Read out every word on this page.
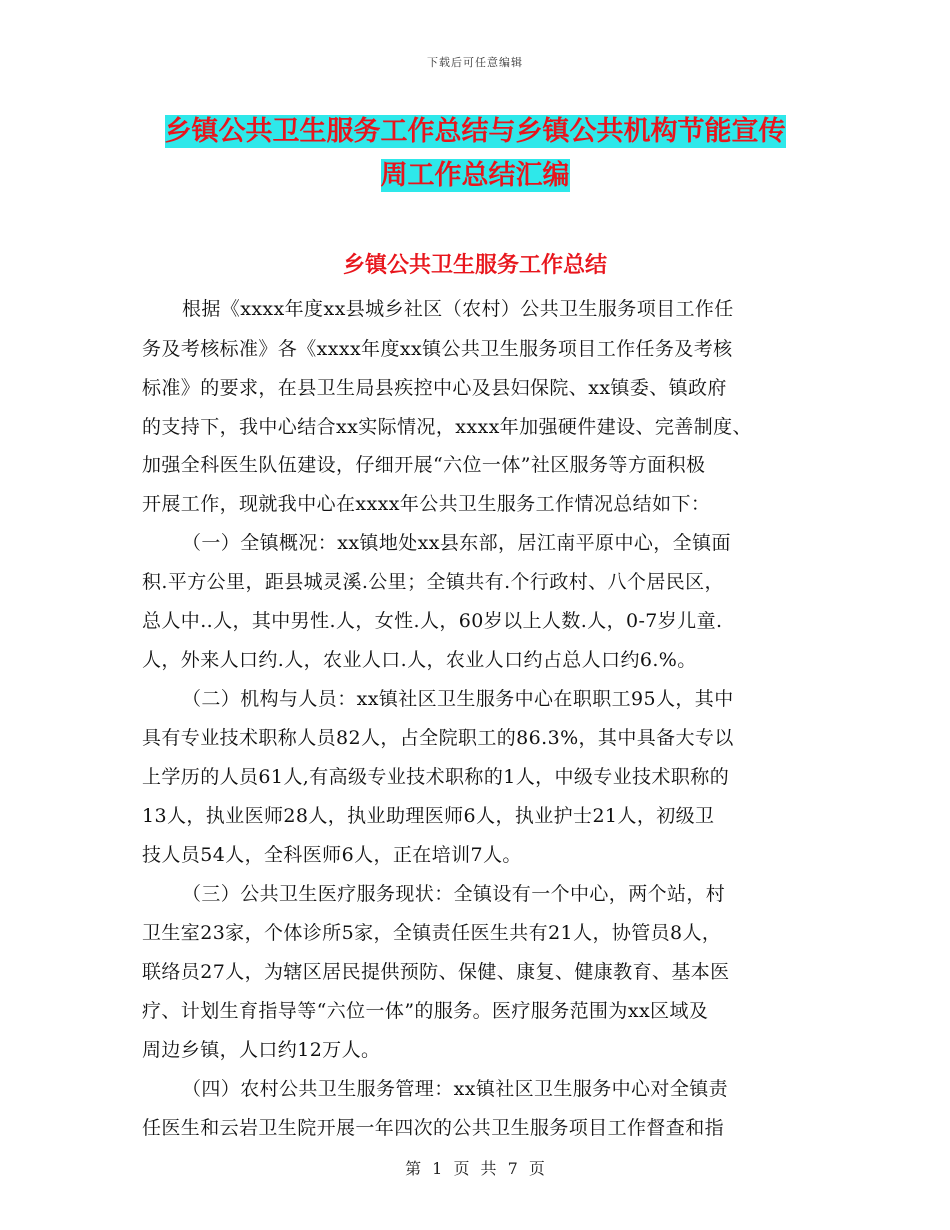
下载后可任意编辑
乡镇公共卫生服务工作总结与乡镇公共机构节能宣传
周工作总结汇编
乡镇公共卫生服务工作总结
根据《xxxx年度xx县城乡社区（农村）公共卫生服务项目工作任
务及考核标准》各《xxxx年度xx镇公共卫生服务项目工作任务及考核
标准》的要求，在县卫生局县疾控中心及县妇保院、xx镇委、镇政府
的支持下，我中心结合xx实际情况，xxxx年加强硬件建设、完善制度、
加强全科医生队伍建设，仔细开展“六位一体”社区服务等方面积极
开展工作，现就我中心在xxxx年公共卫生服务工作情况总结如下：
（一）全镇概况：xx镇地处xx县东部，居江南平原中心，全镇面
积.平方公里，距县城灵溪.公里；全镇共有.个行政村、八个居民区，
总人中..人，其中男性.人，女性.人，60岁以上人数.人，0-7岁儿童.
人，外来人口约.人，农业人口.人，农业人口约占总人口约6.%。
（二）机构与人员：xx镇社区卫生服务中心在职职工95人，其中
具有专业技术职称人员82人，占全院职工的86.3%，其中具备大专以
上学历的人员61人,有高级专业技术职称的1人，中级专业技术职称的
13人，执业医师28人，执业助理医师6人，执业护士21人，初级卫
技人员54人，全科医师6人，正在培训7人。
（三）公共卫生医疗服务现状：全镇设有一个中心，两个站，村
卫生室23家，个体诊所5家，全镇责任医生共有21人，协管员8人，
联络员27人，为辖区居民提供预防、保健、康复、健康教育、基本医
疗、计划生育指导等“六位一体”的服务。医疗服务范围为xx区域及
周边乡镇，人口约12万人。
（四）农村公共卫生服务管理：xx镇社区卫生服务中心对全镇责
任医生和云岩卫生院开展一年四次的公共卫生服务项目工作督查和指
第 1 页 共 7 页
